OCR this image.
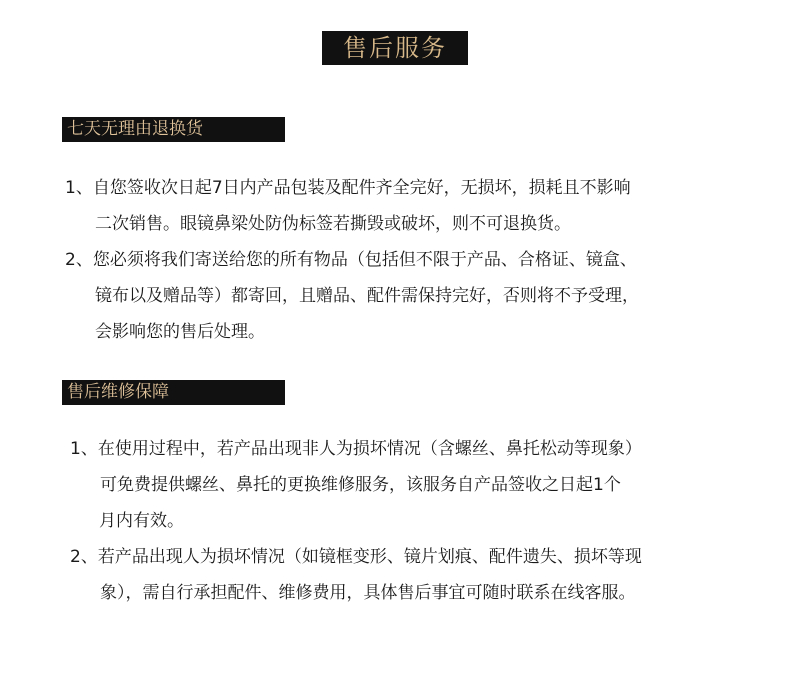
售后服务
七天无理由退换货
1、自您签收次日起7日内产品包装及配件齐全完好，无损坏，损耗且不影响
二次销售。眼镜鼻梁处防伪标签若撕毁或破坏，则不可退换货。
2、您必须将我们寄送给您的所有物品（包括但不限于产品、合格证、镜盒、
镜布以及赠品等）都寄回，且赠品、配件需保持完好，否则将不予受理，
会影响您的售后处理。
售后维修保障
1、在使用过程中，若产品出现非人为损坏情况（含螺丝、鼻托松动等现象）
可免费提供螺丝、鼻托的更换维修服务，该服务自产品签收之日起1个
月内有效。
2、若产品出现人为损坏情况（如镜框变形、镜片划痕、配件遗失、损坏等现
象），需自行承担配件、维修费用，具体售后事宜可随时联系在线客服。
